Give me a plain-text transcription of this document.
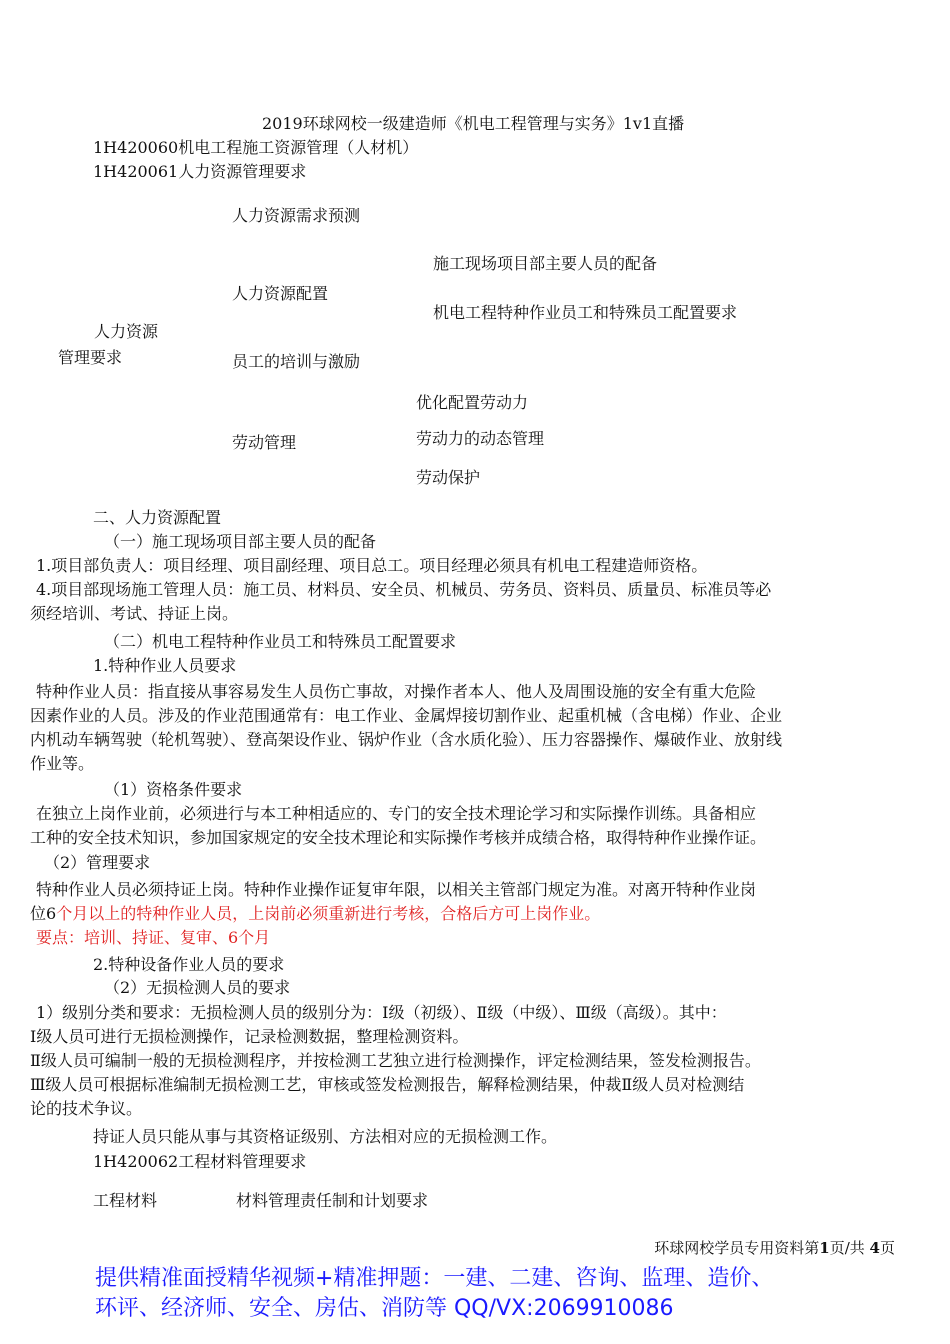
2019环球网校一级建造师《机电工程管理与实务》1v1直播
1H420060机电工程施工资源管理（人材机）
1H420061人力资源管理要求
人力资源
管理要求
人力资源需求预测
人力资源配置
施工现场项目部主要人员的配备
机电工程特种作业员工和特殊员工配置要求
员工的培训与激励
劳动管理
优化配置劳动力
劳动力的动态管理
劳动保护
二、人力资源配置
（一）施工现场项目部主要人员的配备
1.项目部负责人：项目经理、项目副经理、项目总工。项目经理必须具有机电工程建造师资格。
4.项目部现场施工管理人员：施工员、材料员、安全员、机械员、劳务员、资料员、质量员、标准员等必
须经培训、考试、持证上岗。
（二）机电工程特种作业员工和特殊员工配置要求
1.特种作业人员要求
特种作业人员：指直接从事容易发生人员伤亡事故，对操作者本人、他人及周围设施的安全有重大危险
因素作业的人员。涉及的作业范围通常有：电工作业、金属焊接切割作业、起重机械（含电梯）作业、企业
内机动车辆驾驶（轮机驾驶）、登高架设作业、锅炉作业（含水质化验）、压力容器操作、爆破作业、放射线
作业等。
（1）资格条件要求
在独立上岗作业前，必须进行与本工种相适应的、专门的安全技术理论学习和实际操作训练。具备相应
工种的安全技术知识，参加国家规定的安全技术理论和实际操作考核并成绩合格，取得特种作业操作证。
（2）管理要求
特种作业人员必须持证上岗。特种作业操作证复审年限，以相关主管部门规定为准。对离开特种作业岗
位6个月以上的特种作业人员，上岗前必须重新进行考核，合格后方可上岗作业。
要点：培训、持证、复审、6个月
2.特种设备作业人员的要求
（2）无损检测人员的要求
1）级别分类和要求：无损检测人员的级别分为：Ⅰ级（初级）、Ⅱ级（中级）、Ⅲ级（高级）。其中：
Ⅰ级人员可进行无损检测操作，记录检测数据，整理检测资料。
Ⅱ级人员可编制一般的无损检测程序，并按检测工艺独立进行检测操作，评定检测结果，签发检测报告。
Ⅲ级人员可根据标准编制无损检测工艺，审核或签发检测报告，解释检测结果，仲裁Ⅱ级人员对检测结
论的技术争议。
持证人员只能从事与其资格证级别、方法相对应的无损检测工作。
1H420062工程材料管理要求
工程材料	材料管理责任制和计划要求
环球网校学员专用资料第1页/共 4页
提供精准面授精华视频+精准押题：一建、二建、咨询、监理、造价、
环评、经济师、安全、房估、消防等 QQ/VX:2069910086
